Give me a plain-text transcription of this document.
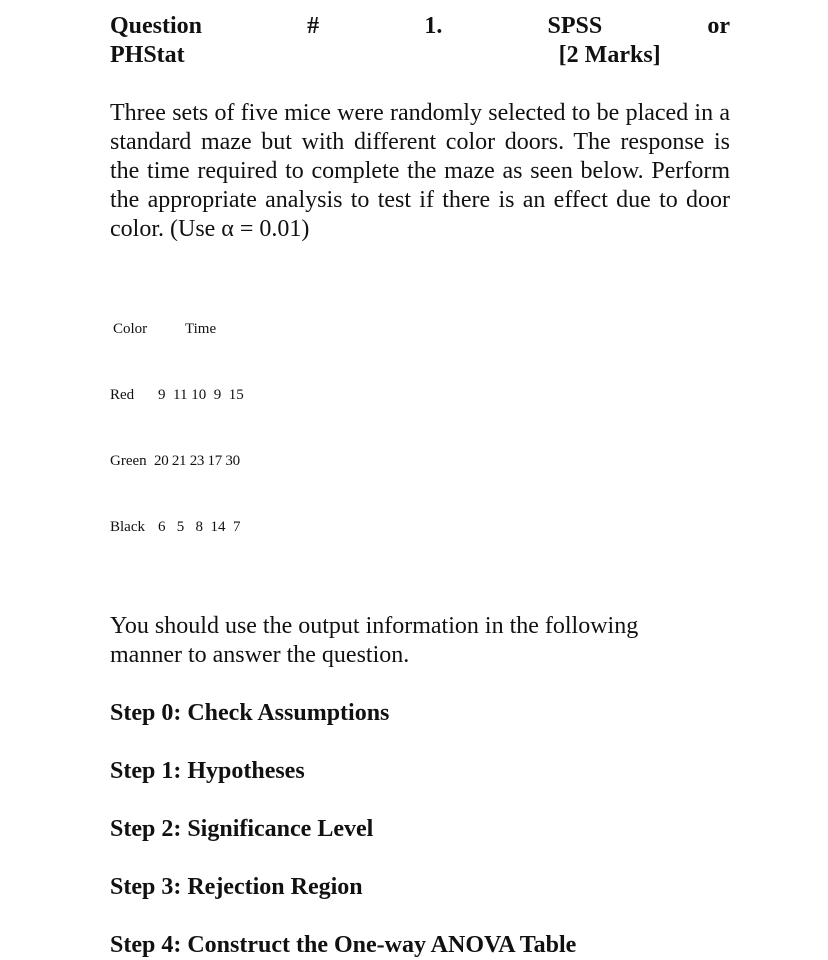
Question	#	1.	SPSS	or
PHStat	[2 Marks]
Three sets of five mice were randomly selected to be placed in a standard maze but with different color doors. The response is the time required to complete the maze as seen below. Perform the appropriate analysis to test if there is an effect due to door color. (Use α = 0.01)

Color	Time

Red	9  11 10  9  15

Green 20 21 23 17 30

Black 6   5   8  14  7

You should use the output information in the following manner to answer the question.
Step 0: Check Assumptions
Step 1: Hypotheses
Step 2: Significance Level
Step 3: Rejection Region
Step 4: Construct the One-way ANOVA Table
